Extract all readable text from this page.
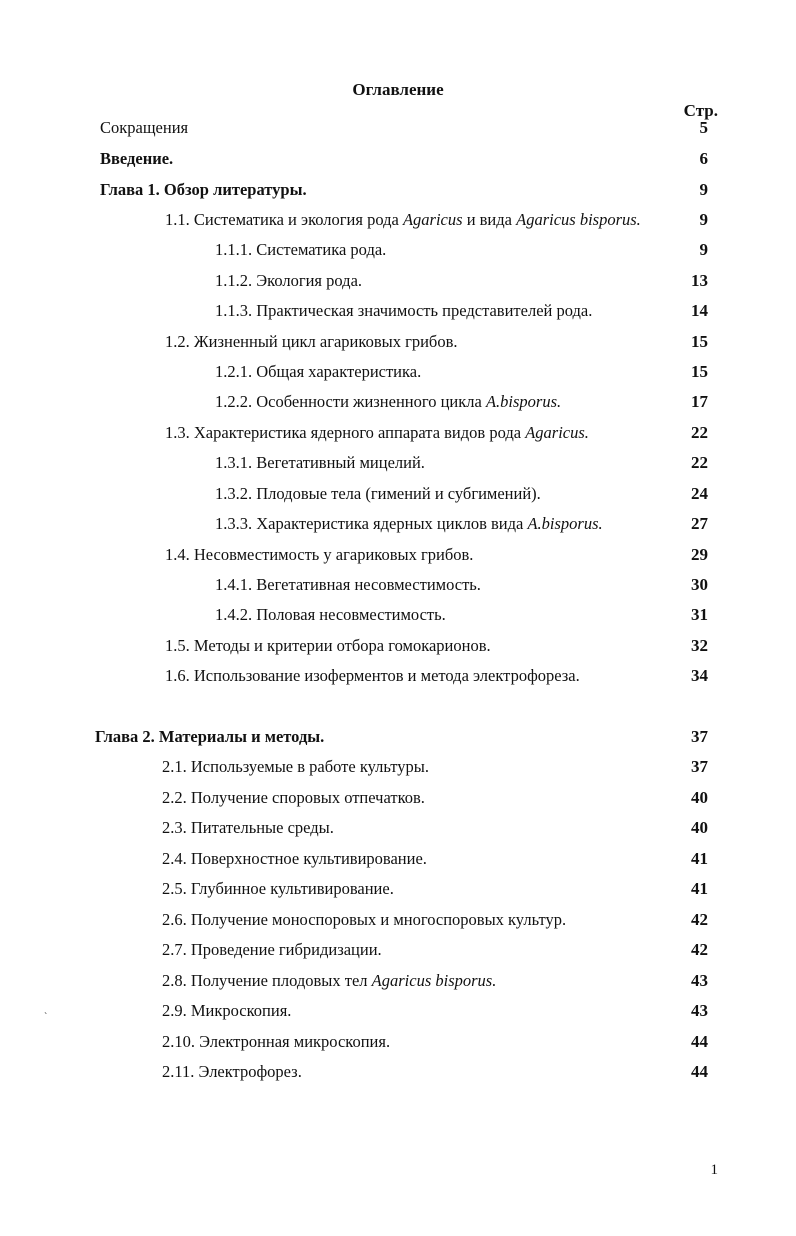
Оглавление
Стр.
Сокращения	5
Введение.	6
Глава 1. Обзор литературы.	9
1.1. Систематика и экология рода Agaricus и вида Agaricus bisporus.	9
1.1.1. Систематика рода.	9
1.1.2. Экология рода.	13
1.1.3. Практическая значимость представителей рода.	14
1.2. Жизненный цикл агариковых грибов.	15
1.2.1. Общая характеристика.	15
1.2.2. Особенности жизненного цикла A.bisporus.	17
1.3. Характеристика ядерного аппарата видов рода Agaricus.	22
1.3.1. Вегетативный мицелий.	22
1.3.2. Плодовые тела (гимений и субгимений).	24
1.3.3. Характеристика ядерных циклов вида A.bisporus.	27
1.4. Несовместимость у агариковых грибов.	29
1.4.1. Вегетативная несовместимость.	30
1.4.2. Половая несовместимость.	31
1.5. Методы и критерии отбора гомокарионов.	32
1.6. Использование изоферментов и метода электрофореза.	34
Глава 2. Материалы и методы.	37
2.1. Используемые в работе культуры.	37
2.2. Получение споровых отпечатков.	40
2.3. Питательные среды.	40
2.4. Поверхностное культивирование.	41
2.5. Глубинное культивирование.	41
2.6. Получение моноспоровых и многоспоровых культур.	42
2.7. Проведение гибридизации.	42
2.8. Получение плодовых тел Agaricus bisporus.	43
2.9. Микроскопия.	43
2.10. Электронная микроскопия.	44
2.11. Электрофорез.	44
`
1
